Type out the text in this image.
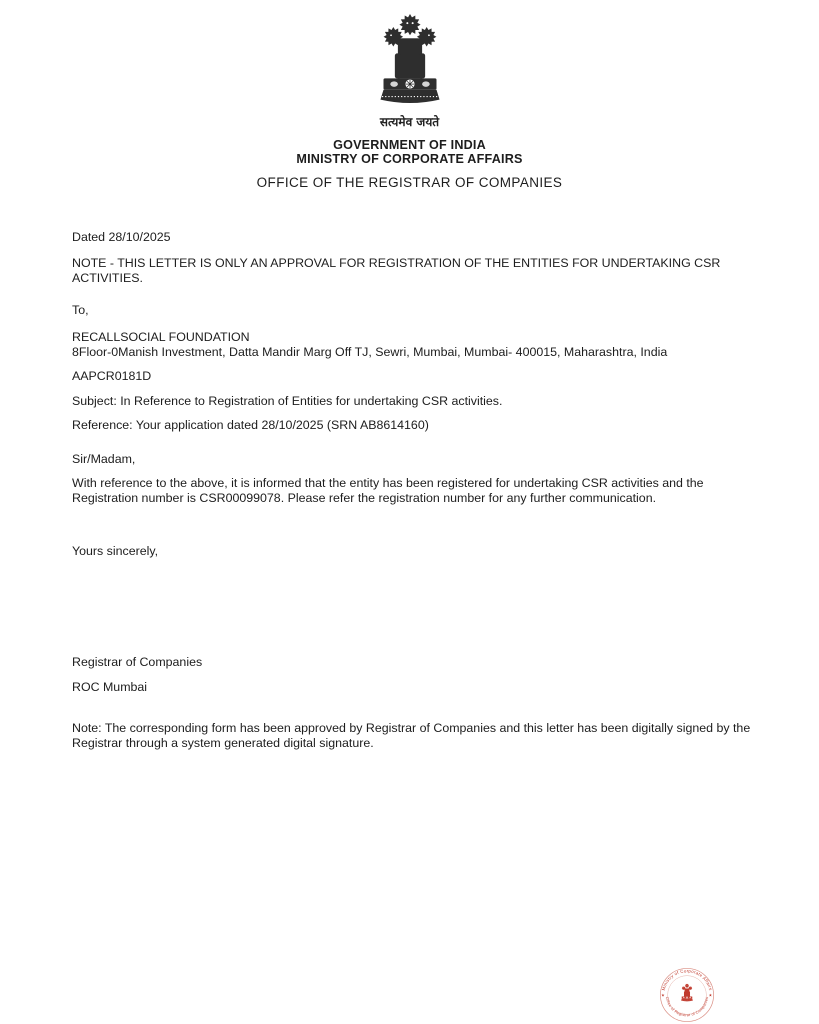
सत्यमेव जयते
GOVERNMENT OF INDIA
MINISTRY OF CORPORATE AFFAIRS
OFFICE OF THE REGISTRAR OF COMPANIES
Dated 28/10/2025
NOTE - THIS LETTER IS ONLY AN APPROVAL FOR REGISTRATION OF THE ENTITIES FOR UNDERTAKING CSR
ACTIVITIES.
To,
RECALLSOCIAL FOUNDATION
8Floor-0Manish Investment, Datta Mandir Marg Off TJ, Sewri, Mumbai, Mumbai- 400015, Maharashtra, India
AAPCR0181D
Subject: In Reference to Registration of Entities for undertaking CSR activities.
Reference: Your application dated 28/10/2025 (SRN AB8614160)
Sir/Madam,
With reference to the above, it is informed that the entity has been registered for undertaking CSR activities and the
Registration number is CSR00099078. Please refer the registration number for any further communication.
Yours sincerely,
Registrar of Companies
ROC Mumbai
Note: The corresponding form has been approved by Registrar of Companies and this letter has been digitally signed by the
Registrar through a system generated digital signature.
Ministry of Corporate Affairs
Office of Registrar of Companies
★	★
